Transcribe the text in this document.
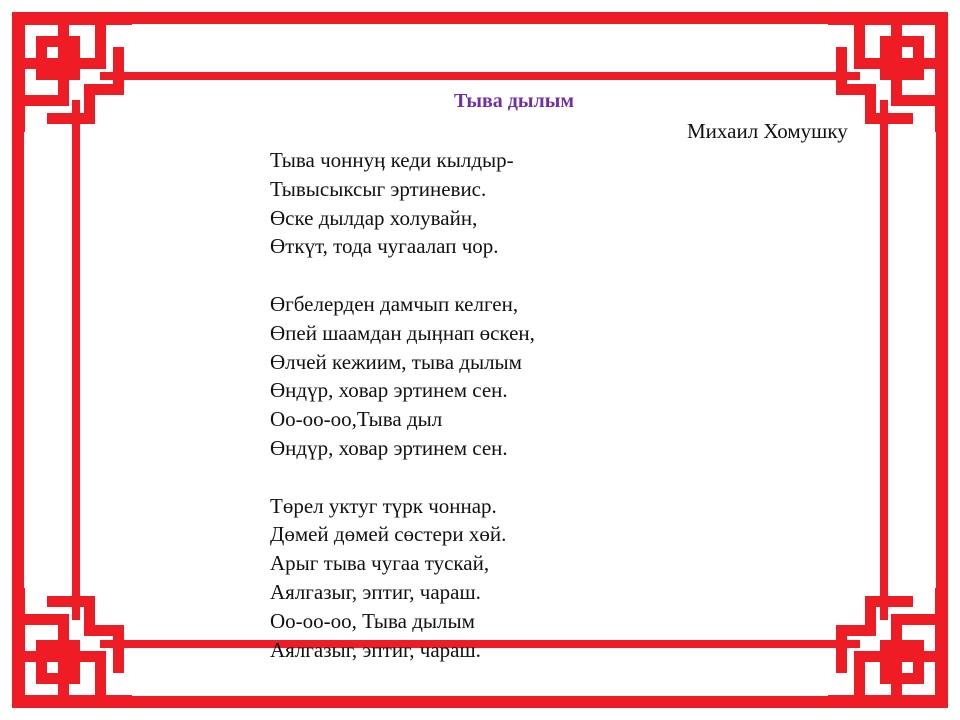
Тыва дылым
Михаил Хомушку
Тыва чоннуӊ кеди кылдыр-
Тывысыксыг эртиневис.
Өске дылдар холувайн,
Өткүт, тода чугаалап чор.
Өгбелерден дамчып келген,
Өпей шаамдан дыӊнап өскен,
Өлчей кежиим, тыва дылым
Өндүр, ховар эртинем сен.
Оо-оо-оо,Тыва дыл
Өндүр, ховар эртинем сен.
Төрел уктуг түрк чоннар.
Дөмей дөмей сөстери хөй.
Арыг тыва чугаа тускай,
Аялгазыг, эптиг, чараш.
Оо-оо-оо, Тыва дылым
Аялгазыг, эптиг, чараш.
